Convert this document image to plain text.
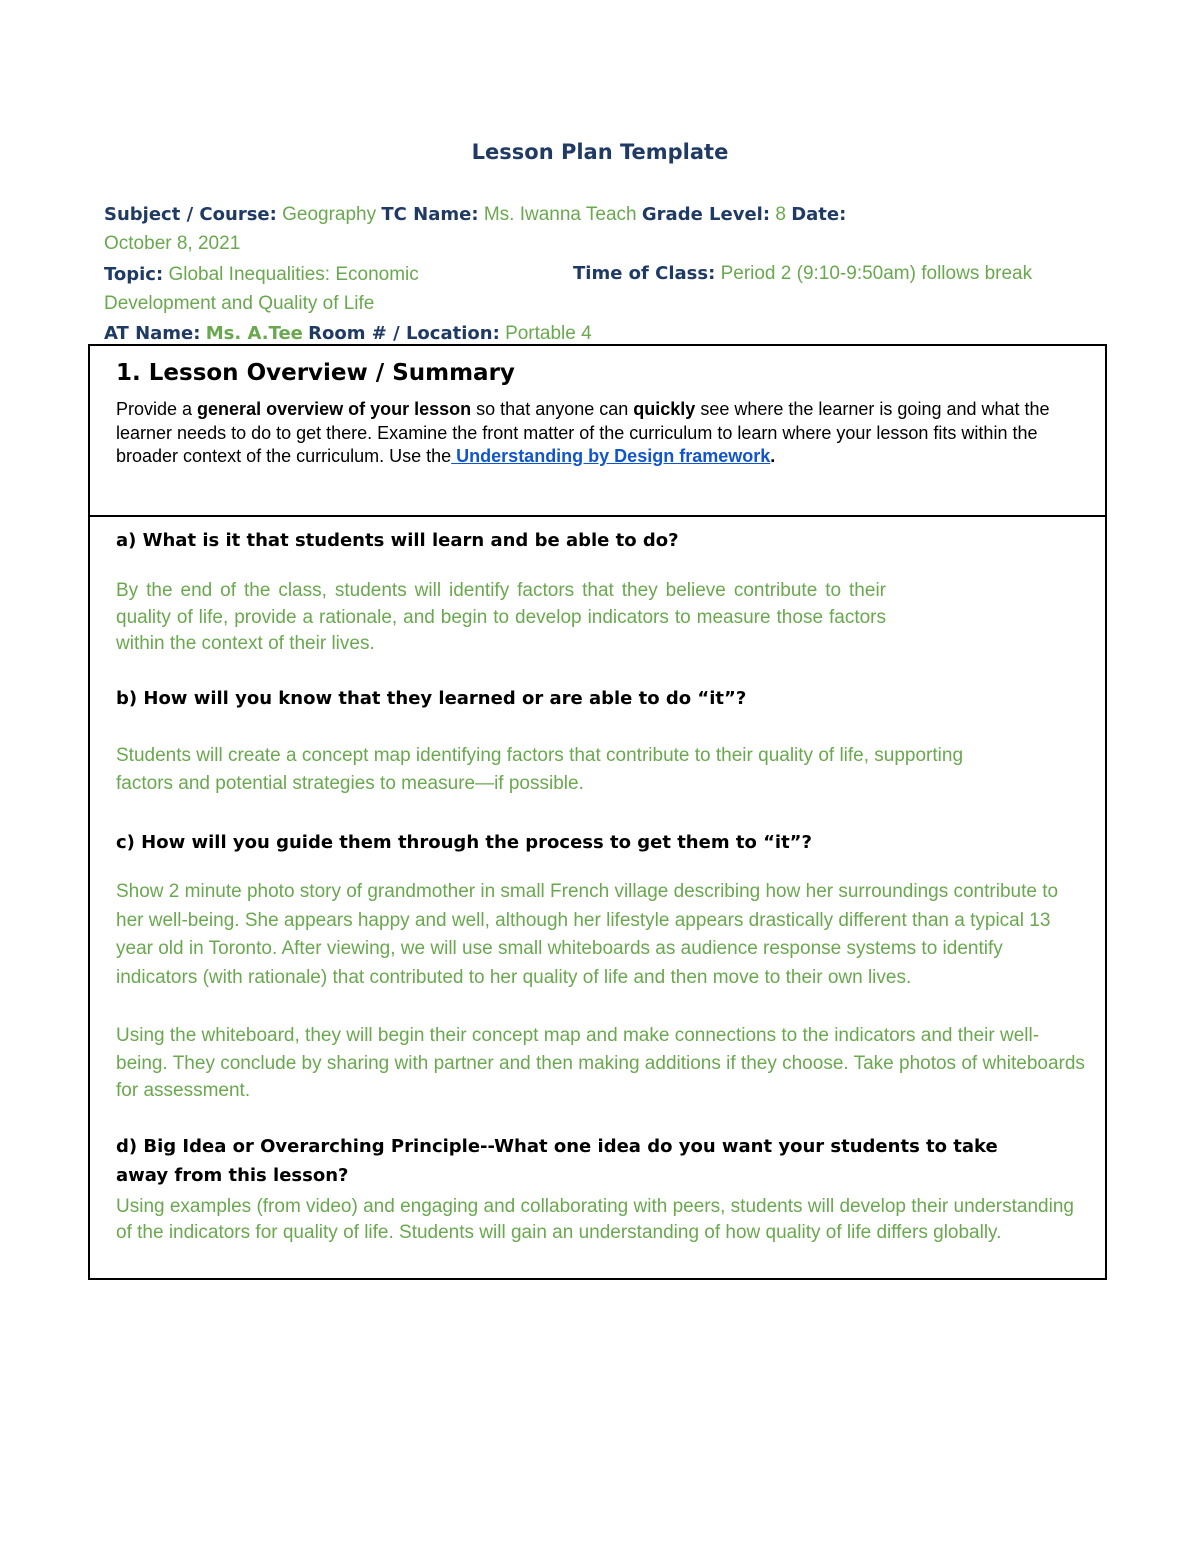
Lesson Plan Template
Subject / Course: Geography TC Name: Ms. Iwanna Teach Grade Level: 8 Date:
October 8, 2021
Topic: Global Inequalities: Economic Development and Quality of Life
Time of Class: Period 2 (9:10-9:50am) follows break
AT Name: Ms. A.Tee Room # / Location: Portable 4
1. Lesson Overview / Summary
Provide a general overview of your lesson so that anyone can quickly see where the learner is going and what the learner needs to do to get there. Examine the front matter of the curriculum to learn where your lesson fits within the broader context of the curriculum. Use the Understanding by Design framework.
a) What is it that students will learn and be able to do?
By the end of the class, students will identify factors that they believe contribute to their quality of life, provide a rationale, and begin to develop indicators to measure those factors within the context of their lives.
b) How will you know that they learned or are able to do “it”?
Students will create a concept map identifying factors that contribute to their quality of life, supporting factors and potential strategies to measure—if possible.
c) How will you guide them through the process to get them to “it”?
Show 2 minute photo story of grandmother in small French village describing how her surroundings contribute to her well-being. She appears happy and well, although her lifestyle appears drastically different than a typical 13 year old in Toronto. After viewing, we will use small whiteboards as audience response systems to identify indicators (with rationale) that contributed to her quality of life and then move to their own lives.
Using the whiteboard, they will begin their concept map and make connections to the indicators and their well-being. They conclude by sharing with partner and then making additions if they choose. Take photos of whiteboards for assessment.
d) Big Idea or Overarching Principle--What one idea do you want your students to take away from this lesson?
Using examples (from video) and engaging and collaborating with peers, students will develop their understanding of the indicators for quality of life. Students will gain an understanding of how quality of life differs globally.
